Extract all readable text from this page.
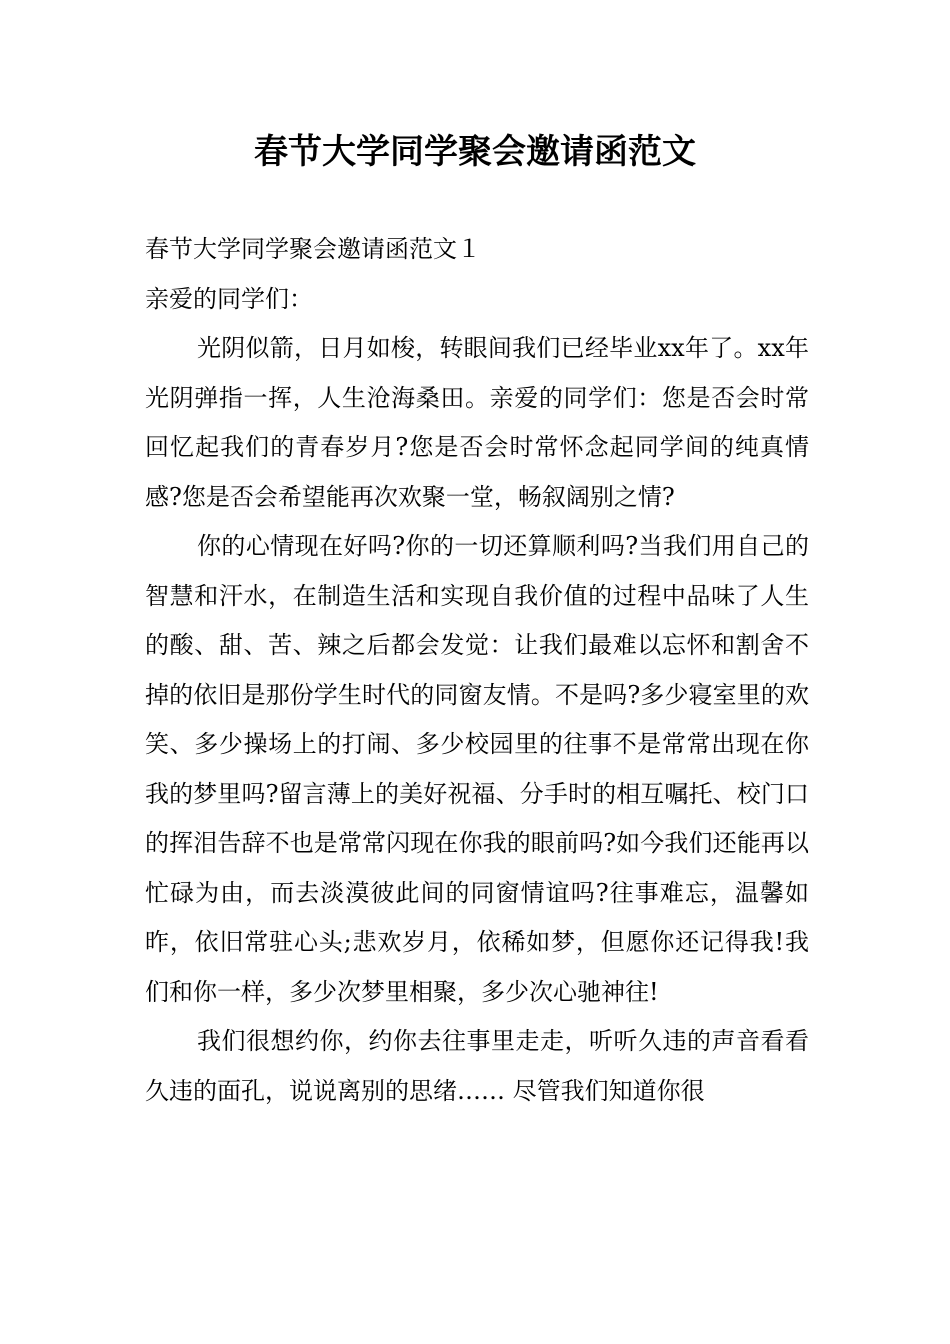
春节大学同学聚会邀请函范文

春节大学同学聚会邀请函范文１

亲爱的同学们：

光阴似箭，日月如梭，转眼间我们已经毕业xx年了。xx年光阴弹指一挥，人生沧海桑田。亲爱的同学们：您是否会时常回忆起我们的青春岁月?您是否会时常怀念起同学间的纯真情感?您是否会希望能再次欢聚一堂，畅叙阔别之情?

你的心情现在好吗?你的一切还算顺利吗?当我们用自己的智慧和汗水，在制造生活和实现自我价值的过程中品味了人生的酸、甜、苦、辣之后都会发觉：让我们最难以忘怀和割舍不掉的依旧是那份学生时代的同窗友情。不是吗?多少寝室里的欢笑、多少操场上的打闹、多少校园里的往事不是常常出现在你我的梦里吗?留言薄上的美好祝福、分手时的相互嘱托、校门口的挥泪告辞不也是常常闪现在你我的眼前吗?如今我们还能再以忙碌为由，而去淡漠彼此间的同窗情谊吗?往事难忘，温馨如昨，依旧常驻心头;悲欢岁月，依稀如梦，但愿你还记得我!我们和你一样，多少次梦里相聚，多少次心驰神往!

我们很想约你，约你去往事里走走，听听久违的声音看看久违的面孔，说说离别的思绪…… 尽管我们知道你很
